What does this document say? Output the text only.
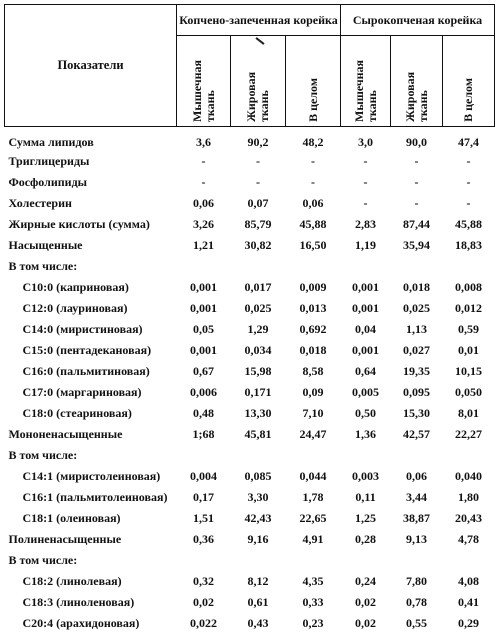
Показатели	Копчено-запеченная корейка			Сырокопченая корейка		
	Мышечная ткань	Жировая ткань	В целом	Мышечная ткань	Жировая ткань	В целом
Сумма липидов	3,6	90,2	48,2	3,0	90,0	47,4
Триглицериды	-	-	-	-	-	-
Фосфолипиды	-	-	-	-	-	-
Холестерин	0,06	0,07	0,06	-	-	-
Жирные кислоты (сумма)	3,26	85,79	45,88	2,83	87,44	45,88
Насыщенные	1,21	30,82	16,50	1,19	35,94	18,83
В том числе:						
C10:0 (каприновая)	0,001	0,017	0,009	0,001	0,018	0,008
C12:0 (лауриновая)	0,001	0,025	0,013	0,001	0,025	0,012
C14:0 (миристиновая)	0,05	1,29	0,692	0,04	1,13	0,59
C15:0 (пентадекановая)	0,001	0,034	0,018	0,001	0,027	0,01
C16:0 (пальмитиновая)	0,67	15,98	8,58	0,64	19,35	10,15
C17:0 (маргариновая)	0,006	0,171	0,09	0,005	0,095	0,050
C18:0 (стеариновая)	0,48	13,30	7,10	0,50	15,30	8,01
Мононенасыщенные	1;68	45,81	24,47	1,36	42,57	22,27
В том числе:						
C14:1 (миристолеиновая)	0,004	0,085	0,044	0,003	0,06	0,040
C16:1 (пальмитолеиновая)	0,17	3,30	1,78	0,11	3,44	1,80
C18:1 (олеиновая)	1,51	42,43	22,65	1,25	38,87	20,43
Полиненасыщенные	0,36	9,16	4,91	0,28	9,13	4,78
В том числе:						
C18:2 (линолевая)	0,32	8,12	4,35	0,24	7,80	4,08
C18:3 (линоленовая)	0,02	0,61	0,33	0,02	0,78	0,41
C20:4 (арахидоновая)	0,022	0,43	0,23	0,02	0,55	0,29
